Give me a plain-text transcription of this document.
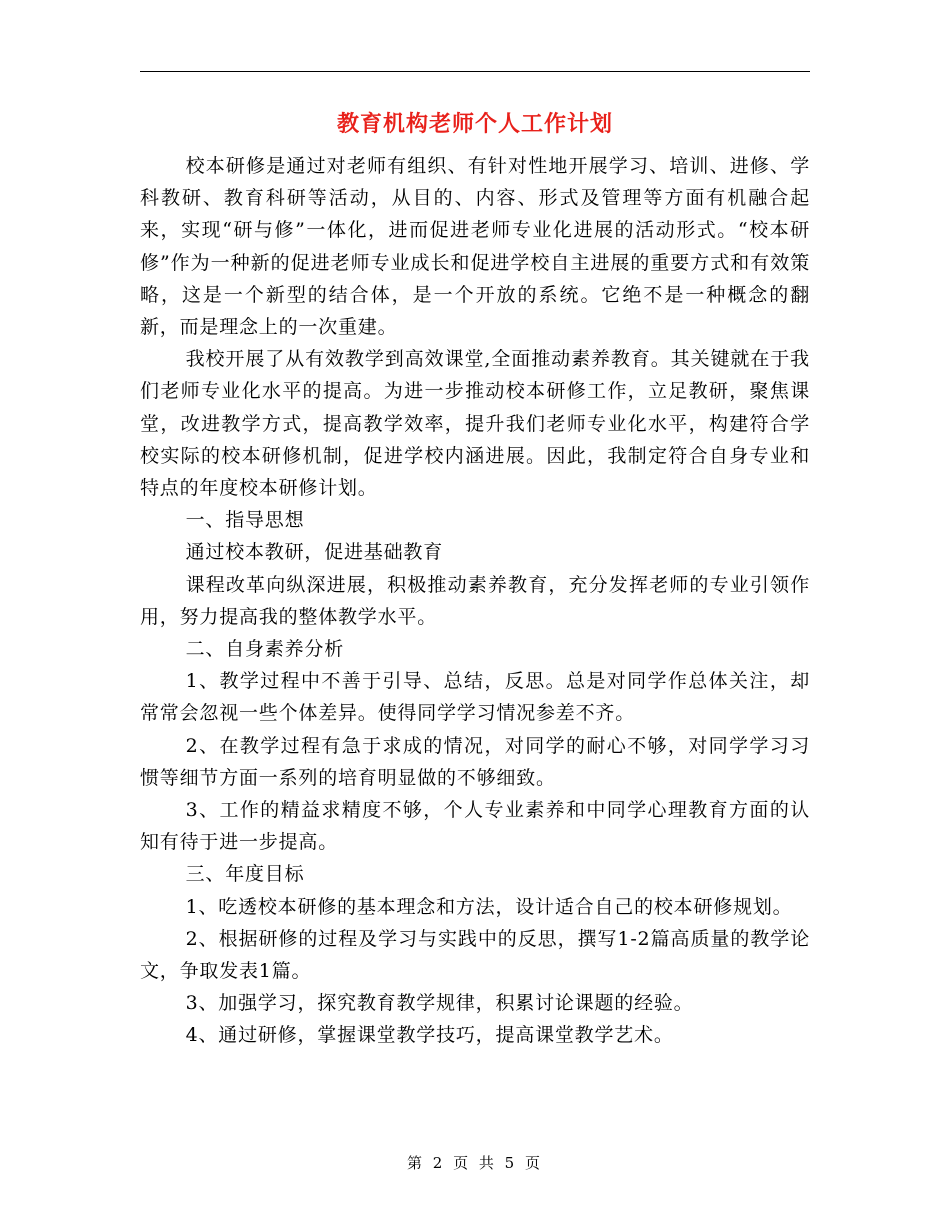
教育机构老师个人工作计划

校本研修是通过对老师有组织、有针对性地开展学习、培训、进修、学科教研、教育科研等活动，从目的、内容、形式及管理等方面有机融合起来，实现“研与修”一体化，进而促进老师专业化进展的活动形式。“校本研修”作为一种新的促进老师专业成长和促进学校自主进展的重要方式和有效策略，这是一个新型的结合体，是一个开放的系统。它绝不是一种概念的翻新，而是理念上的一次重建。

我校开展了从有效教学到高效课堂,全面推动素养教育。其关键就在于我们老师专业化水平的提高。为进一步推动校本研修工作，立足教研，聚焦课堂，改进教学方式，提高教学效率，提升我们老师专业化水平，构建符合学校实际的校本研修机制，促进学校内涵进展。因此，我制定符合自身专业和特点的年度校本研修计划。

一、指导思想

通过校本教研，促进基础教育

课程改革向纵深进展，积极推动素养教育，充分发挥老师的专业引领作用，努力提高我的整体教学水平。

二、自身素养分析

1、教学过程中不善于引导、总结，反思。总是对同学作总体关注，却常常会忽视一些个体差异。使得同学学习情况参差不齐。

2、在教学过程有急于求成的情况，对同学的耐心不够，对同学学习习惯等细节方面一系列的培育明显做的不够细致。

3、工作的精益求精度不够，个人专业素养和中同学心理教育方面的认知有待于进一步提高。

三、年度目标

1、吃透校本研修的基本理念和方法，设计适合自己的校本研修规划。

2、根据研修的过程及学习与实践中的反思，撰写1-2篇高质量的教学论文，争取发表1篇。

3、加强学习，探究教育教学规律，积累讨论课题的经验。

4、通过研修，掌握课堂教学技巧，提高课堂教学艺术。

第 2 页 共 5 页
